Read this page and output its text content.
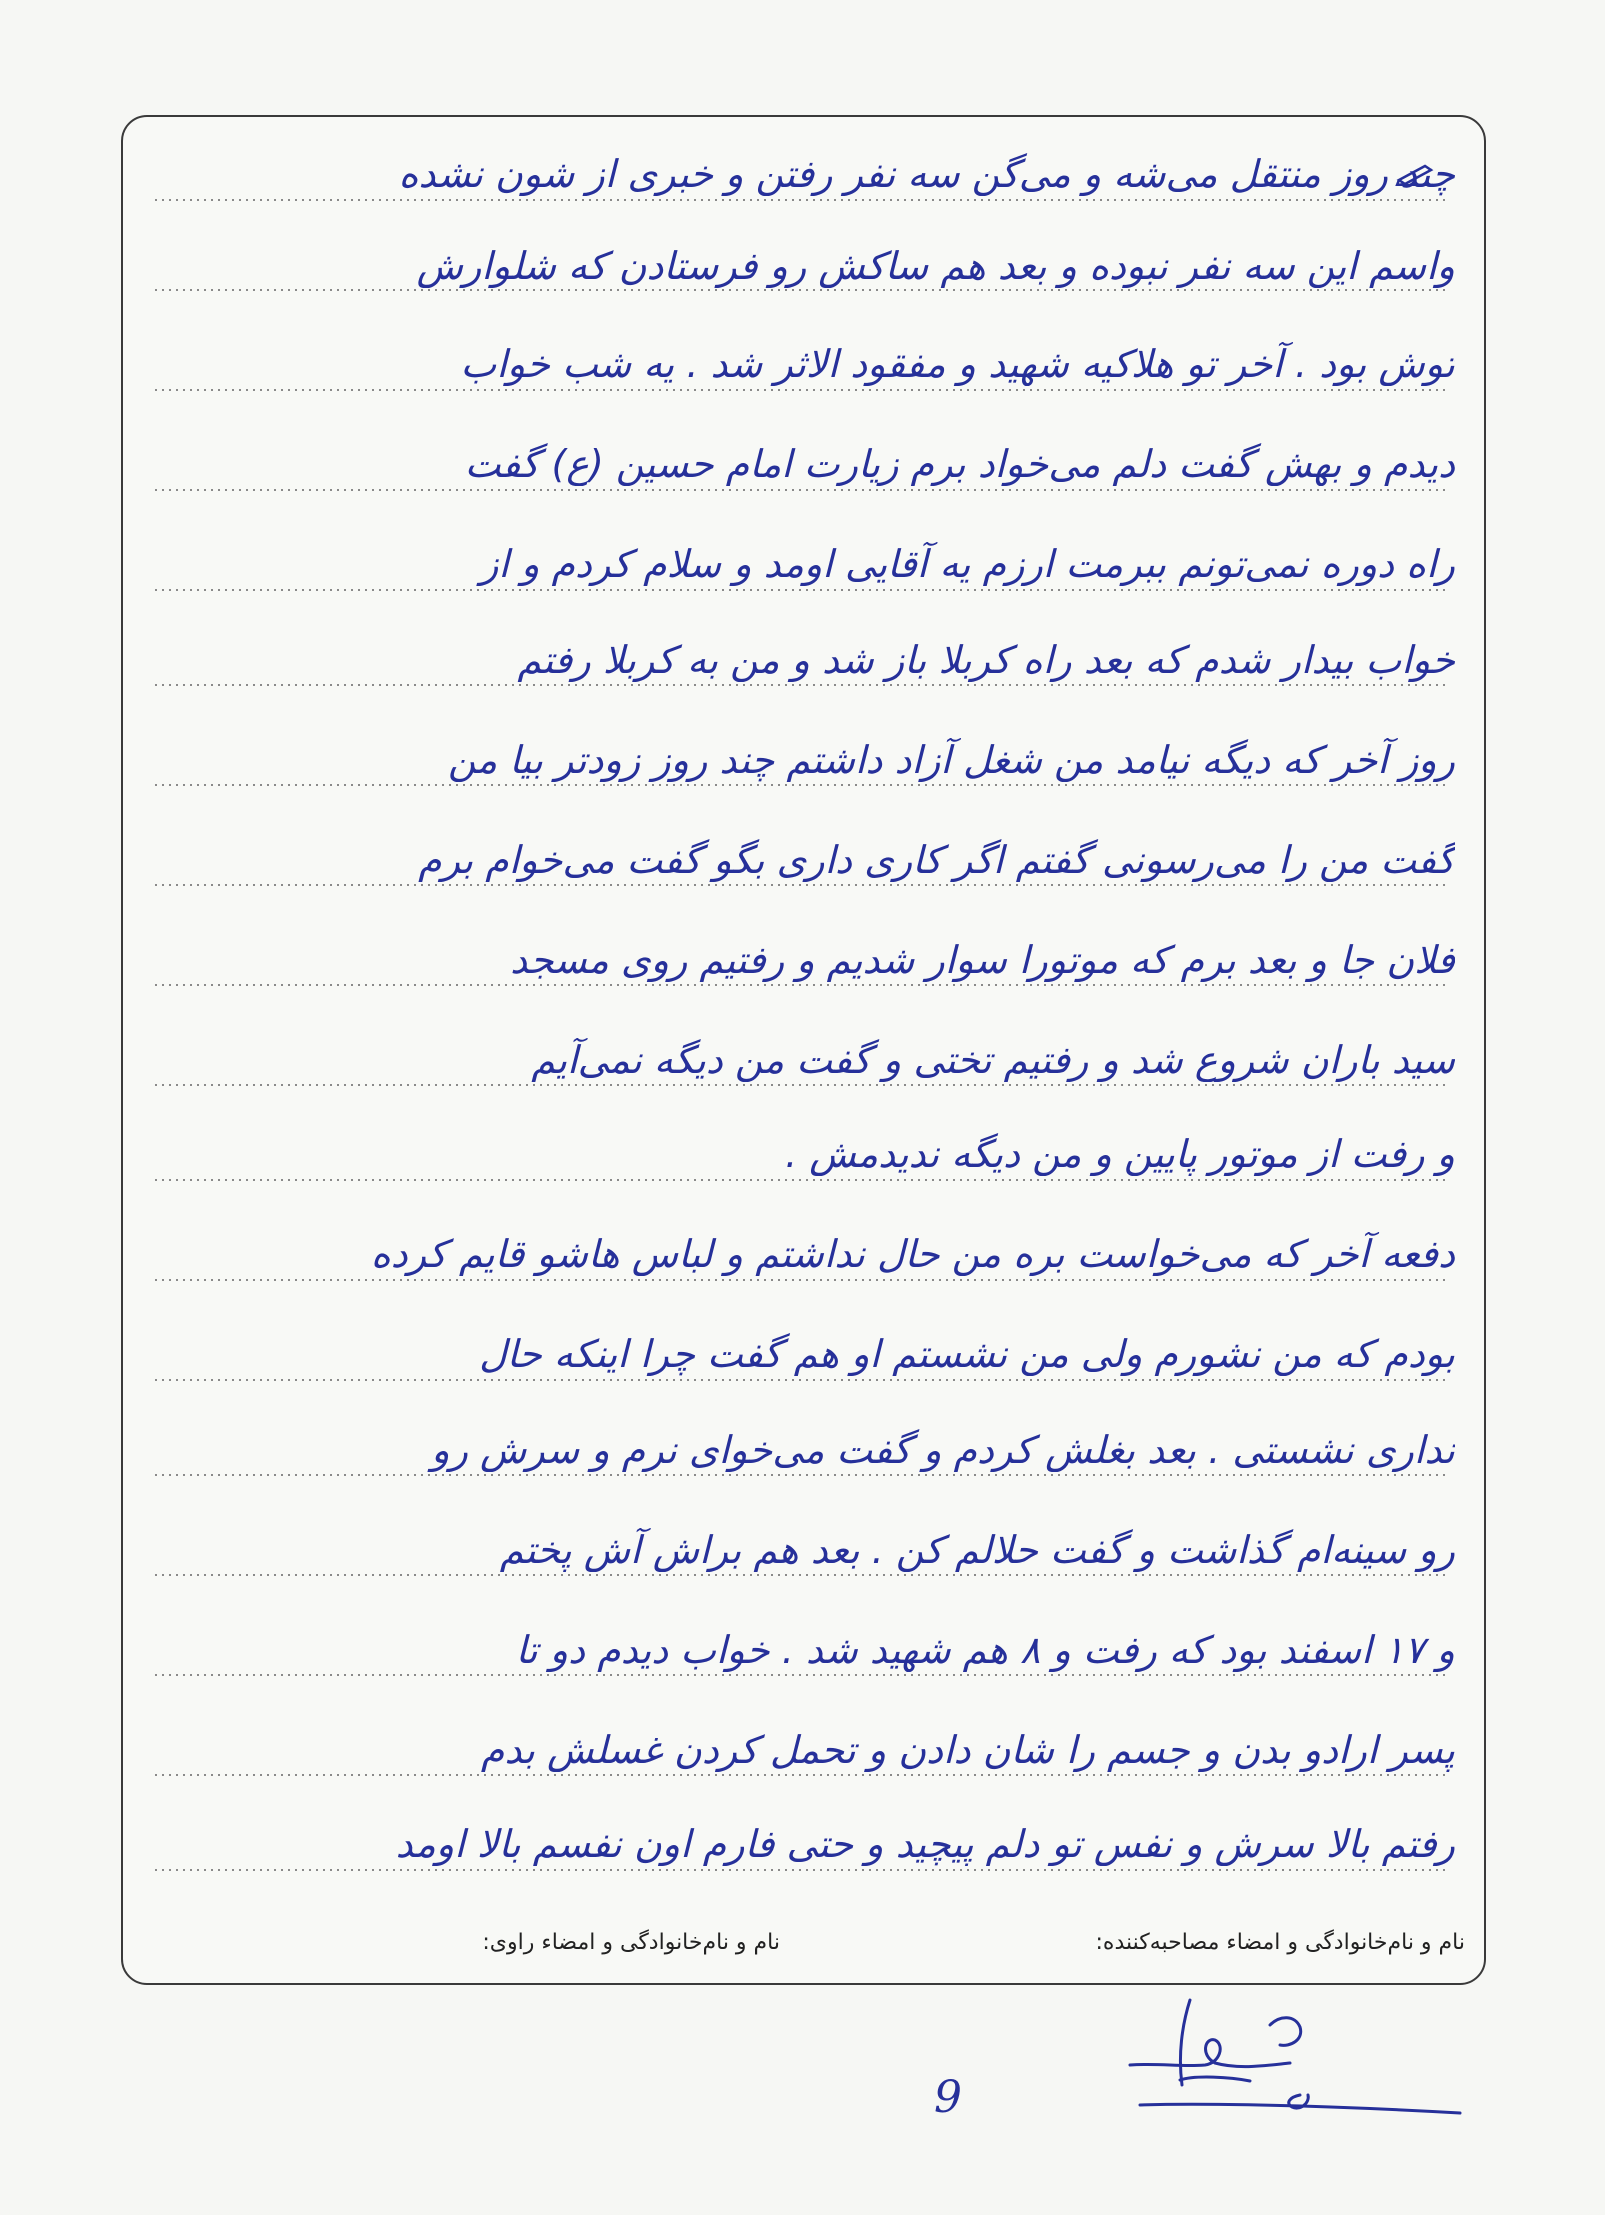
چند روز منتقل می‌شه و می‌گن سه نفر رفتن و خبری از شون نشده
واسم این سه نفر نبوده و بعد هم ساکش رو فرستادن که شلوارش
توش بود . آخر تو هلاکیه شهید و مفقود الاثر شد . یه شب خواب
دیدم و بهش گفت دلم می‌خواد برم زیارت امام حسین (ع) گفت
راه دوره نمی‌تونم ببرمت ارزم یه آقایی اومد و سلام کردم و از
خواب بیدار شدم که بعد راه کربلا باز شد و من به کربلا رفتم
روز آخر که دیگه نیامد من شغل آزاد داشتم چند روز زودتر بیا من
گفت من را می‌رسونی گفتم اگر کاری داری بگو گفت می‌خوام برم
فلان جا و بعد برم که موتورا سوار شدیم و رفتیم روی مسجد
سید باران شروع شد و رفتیم تختی و گفت من دیگه نمی‌آیم
و رفت از موتور پایین و من دیگه ندیدمش .
دفعه آخر که می‌خواست بره من حال نداشتم و لباس هاشو قایم کرده
بودم که من نشورم ولی من نشستم او هم گفت چرا اینکه حال
نداری نشستی . بعد بغلش کردم و گفت می‌خوای نرم و سرش رو
رو سینه‌ام گذاشت و گفت حلالم کن . بعد هم براش آش پختم
و ۱۷ اسفند بود که رفت و ۸ هم شهید شد . خواب دیدم دو تا
پسر ارادو بدن و جسم را شان دادن و تحمل کردن غسلش بدم
رفتم بالا سرش و نفس تو دلم پیچید و حتی فارم اون نفسم بالا اومد
نام و نام‌خانوادگی و امضاء مصاحبه‌کننده:
نام و نام‌خانوادگی و امضاء راوی:
9
